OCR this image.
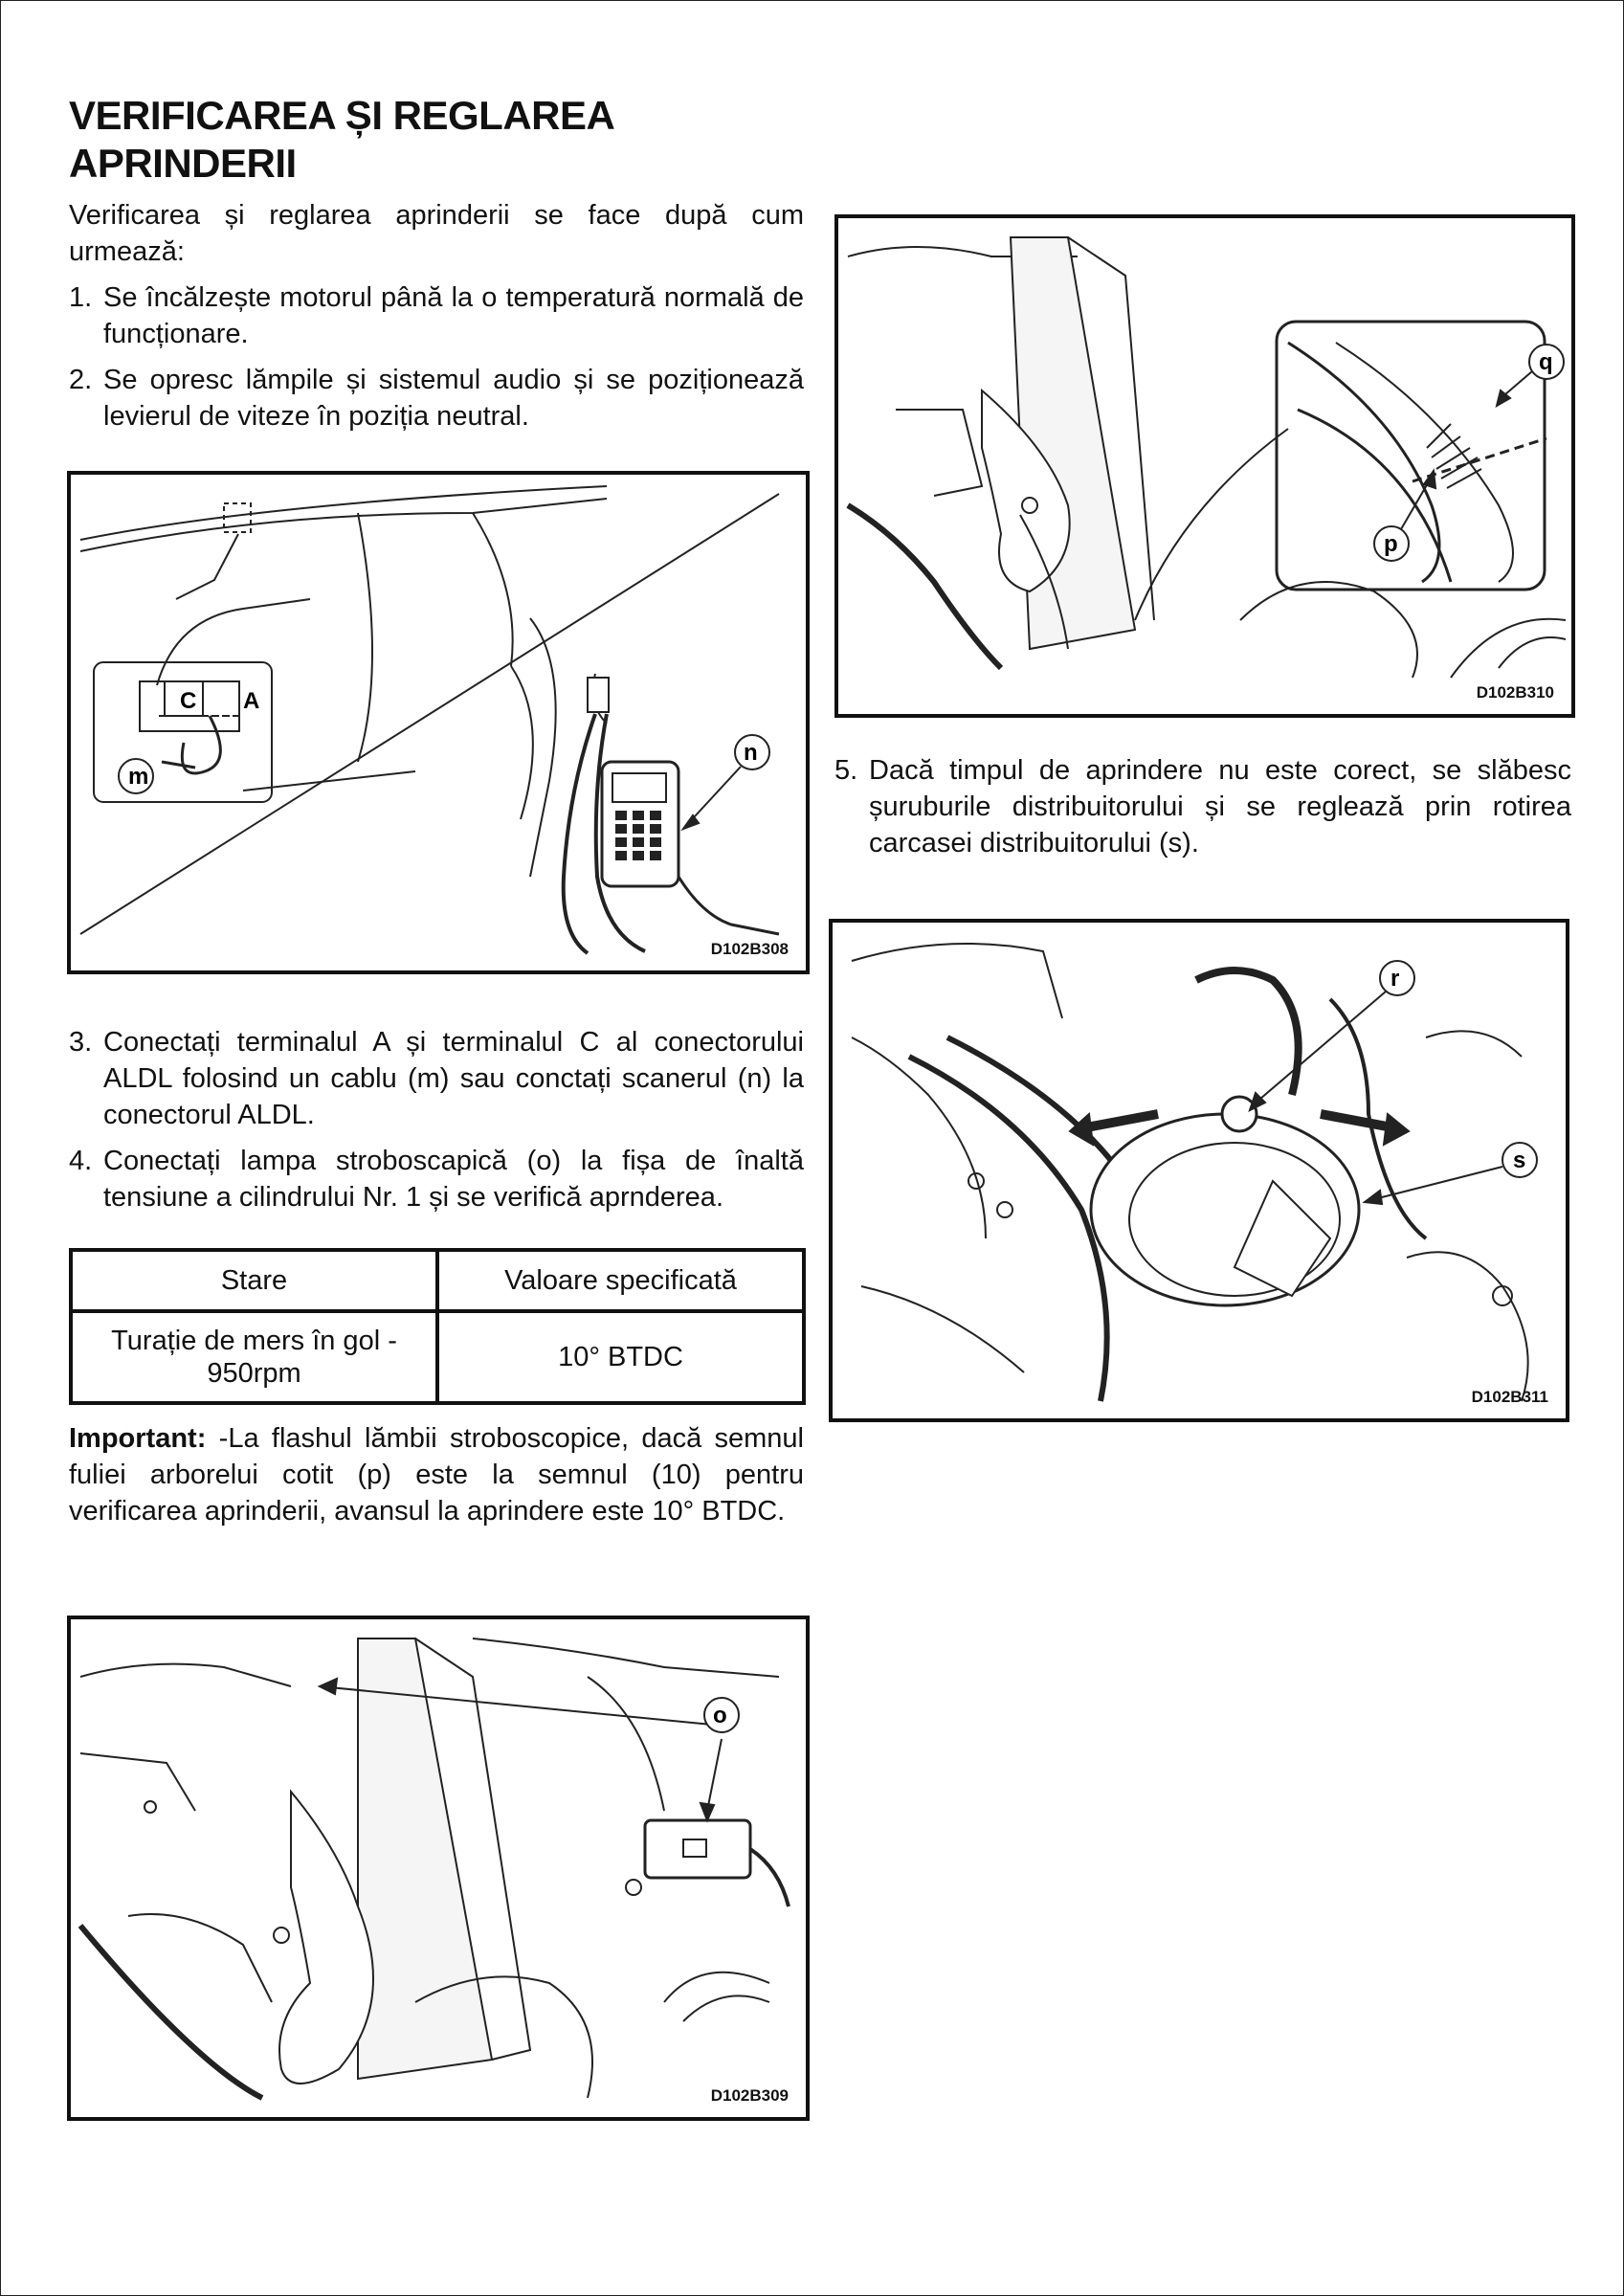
VERIFICAREA ȘI REGLAREA APRINDERII

Verificarea și reglarea aprinderii se face după cum urmează:

1. Se încălzește motorul până la o temperatură normală de funcționare.
2. Se opresc lămpile și sistemul audio și se poziționează levierul de viteze în poziția neutral.
3. Conectați terminalul A și terminalul C al conectorului ALDL folosind un cablu (m) sau conctați scanerul (n) la conectorul ALDL.
4. Conectați lampa stroboscapică (o) la fișa de înaltă tensiune a cilindrului Nr. 1 și se verifică aprnderea.
Stare	Valoare specificată
Turație de mers în gol - 950rpm	10° BTDC

Important: -La flashul lămbii stroboscopice, dacă semnul fuliei arborelui cotit (p) este la semnul (10) pentru verificarea aprinderii, avansul la aprindere este 10° BTDC.

C A
m
n
D102B308
o
D102B309
q
p
D102B310
5. Dacă timpul de aprindere nu este corect, se slăbesc șuruburile distribuitorului și se reglează prin rotirea carcasei distribuitorului (s).
r
s
D102B311
